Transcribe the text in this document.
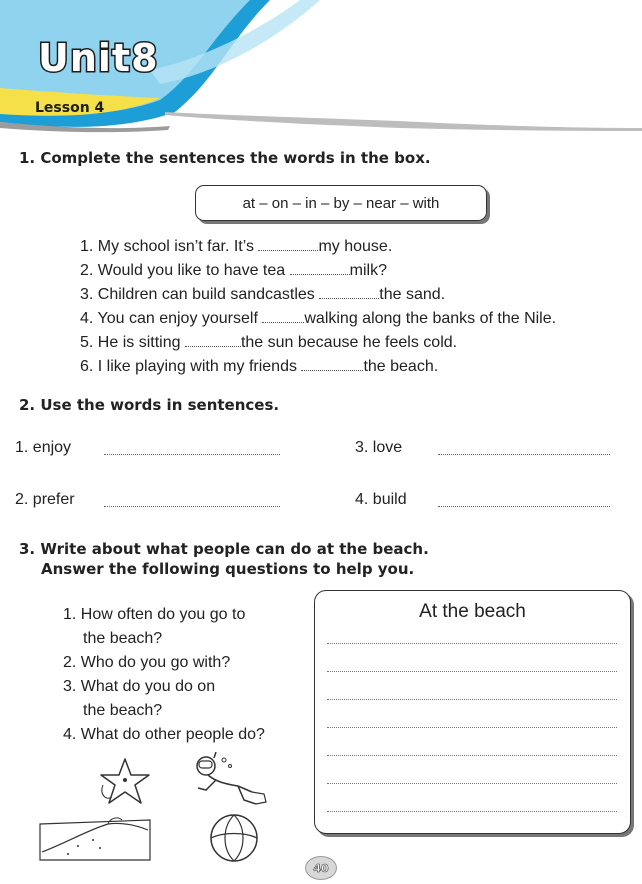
Unit8
Lesson 4
1. Complete the sentences the words in the box.
at – on – in – by – near – with
1. My school isn’t far. It’s	my house.
2. Would you like to have tea	milk?
3. Children can build sandcastles	the sand.
4. You can enjoy yourself	walking along the banks of the Nile.
5. He is sitting	the sun because he feels cold.
6. I like playing with my friends	the beach.
2. Use the words in sentences.
1. enjoy	3. love
2. prefer	4. build
3. Write about what people can do at the beach.
Answer the following questions to help you.
1. How often do you go to
the beach?
2. Who do you go with?
3. What do you do on
the beach?
4. What do other people do?
At the beach
40
